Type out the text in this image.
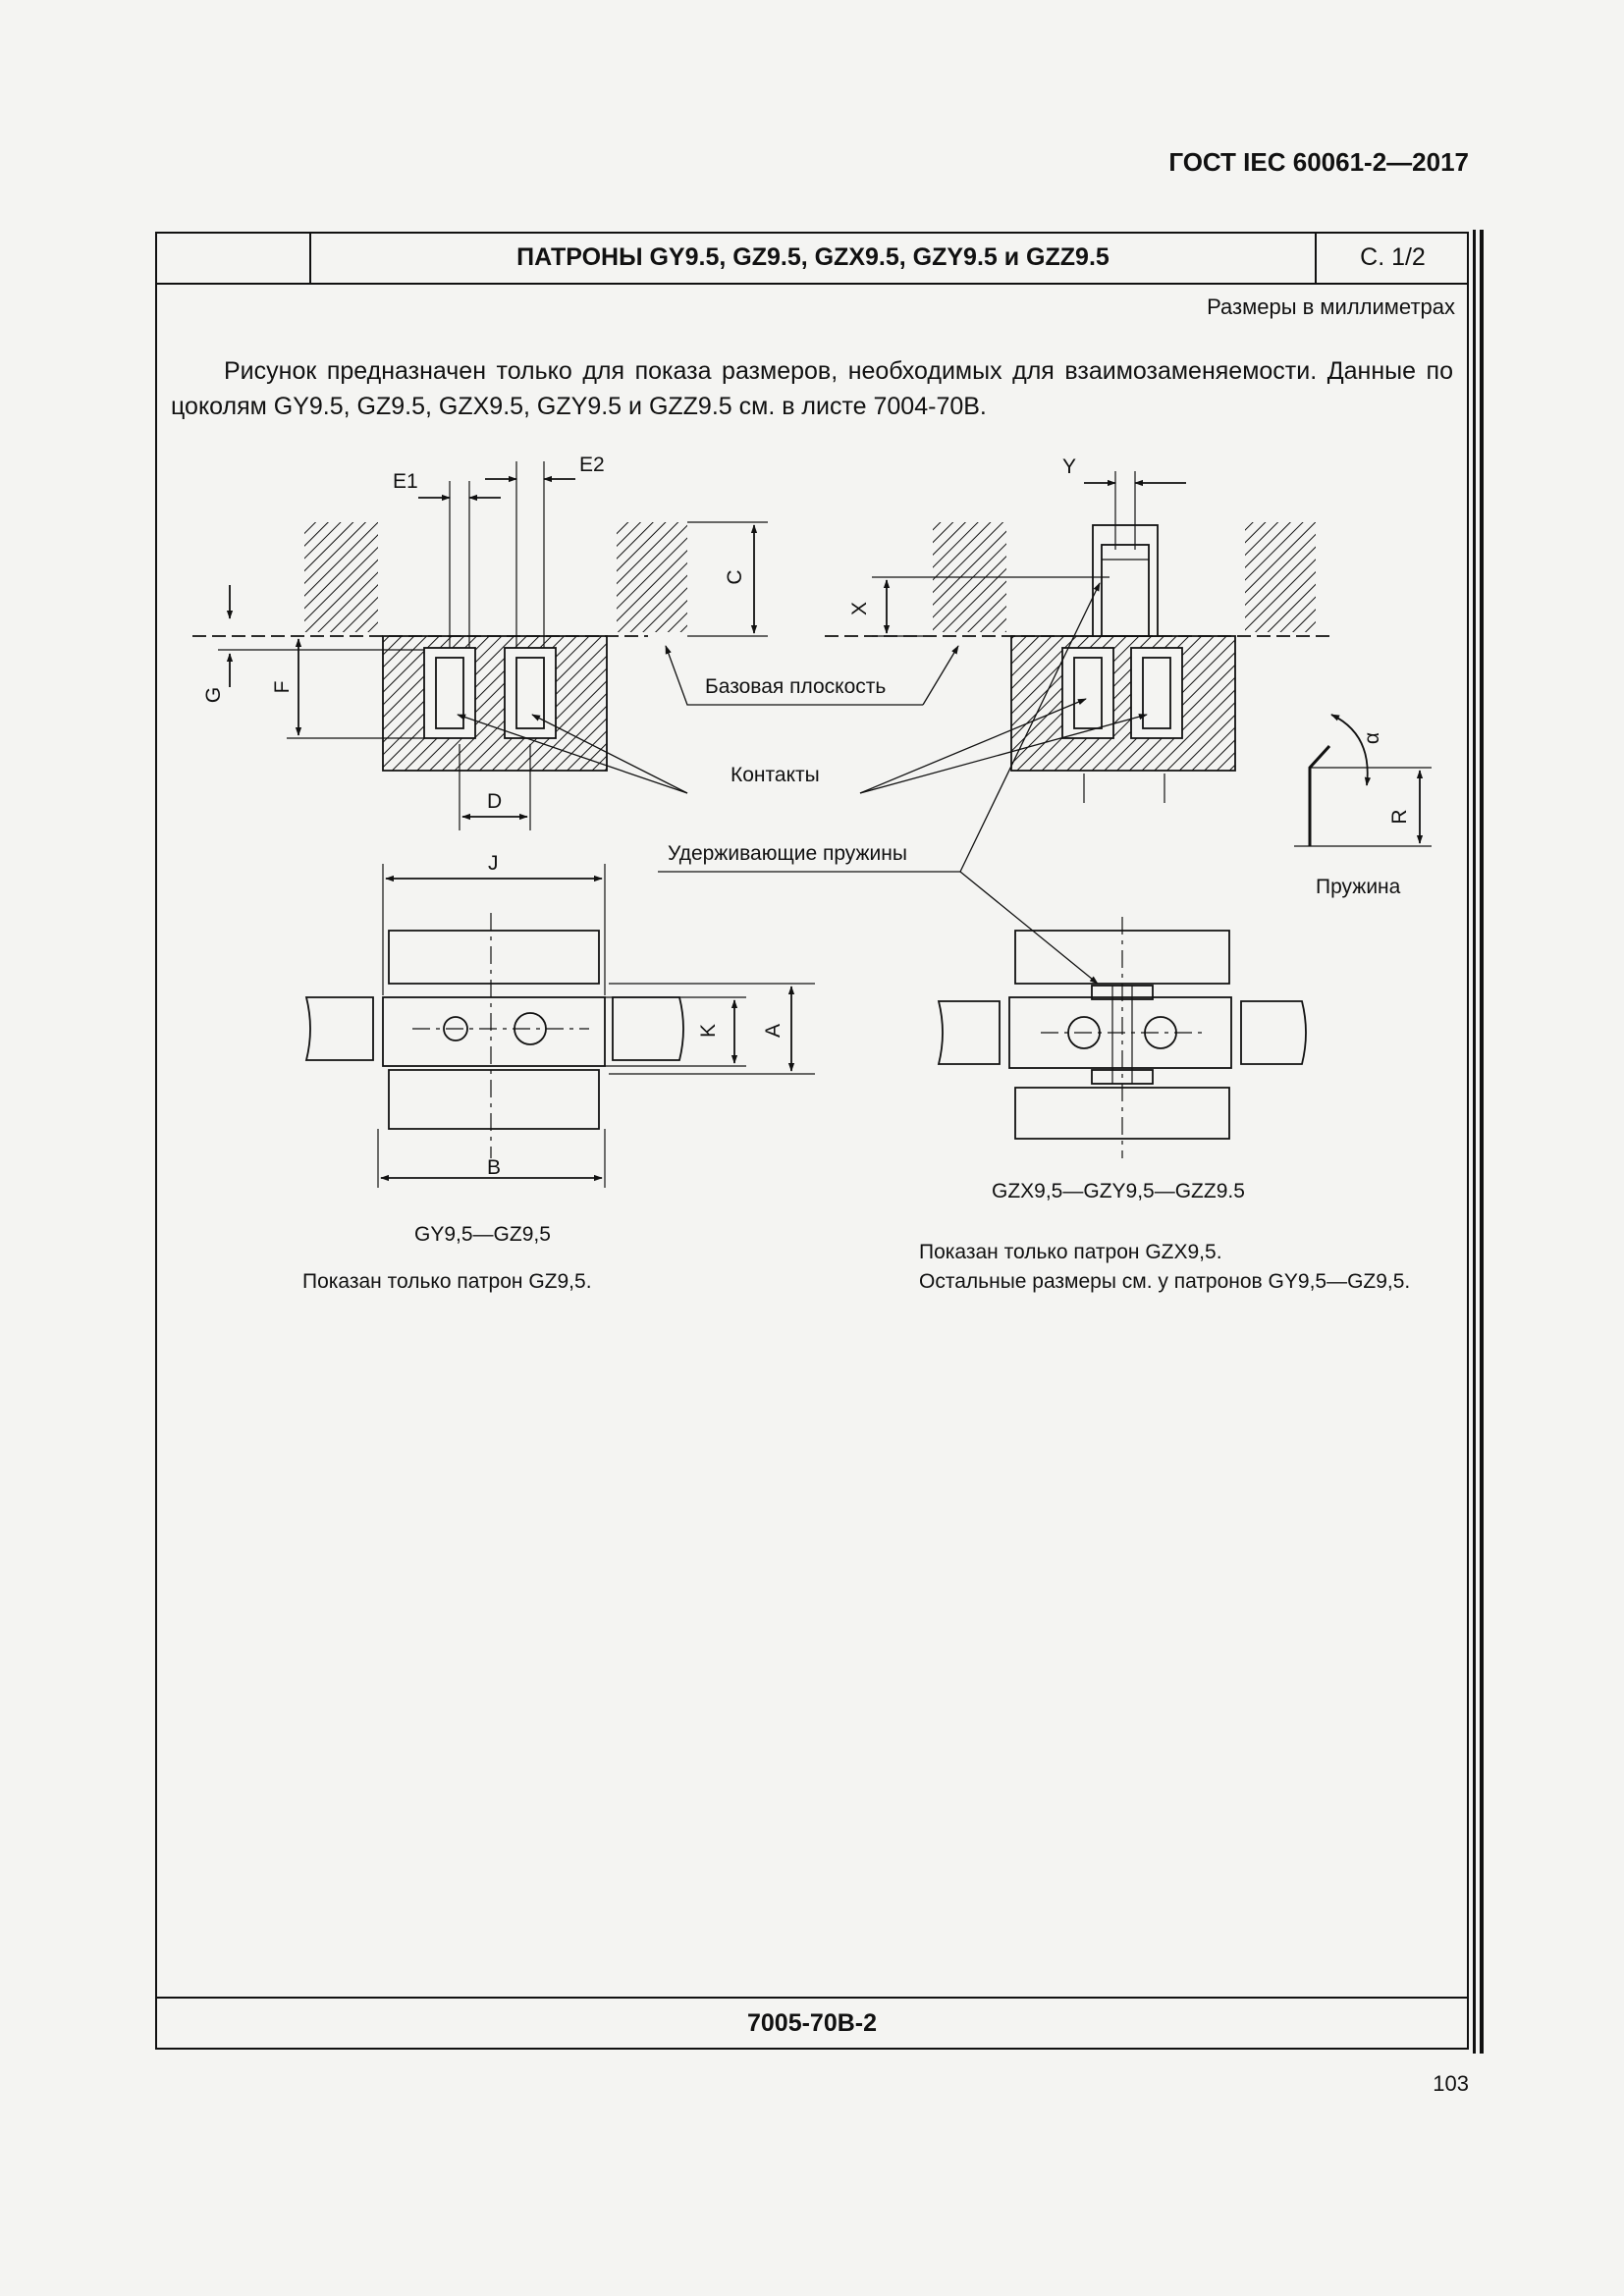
ГОСТ IEC 60061-2—2017
ПАТРОНЫ GY9.5, GZ9.5, GZX9.5, GZY9.5 и GZZ9.5	С. 1/2
Размеры в миллиметрах
Рисунок предназначен только для показа размеров, необходимых для взаимозаменяемости. Данные по цоколям GY9.5, GZ9.5, GZX9.5, GZY9.5 и GZZ9.5 см. в листе 7004-70B.
E1
E2
C
G F
D
Y
X
J
K A
B
R
α
Базовая плоскость
Контакты
Удерживающие пружины
Пружина
GY9,5—GZ9,5
Показан только патрон GZ9,5.
GZX9,5—GZY9,5—GZZ9.5
Показан только патрон GZX9,5.
Остальные размеры см. у патронов GY9,5—GZ9,5.
7005-70B-2
103
